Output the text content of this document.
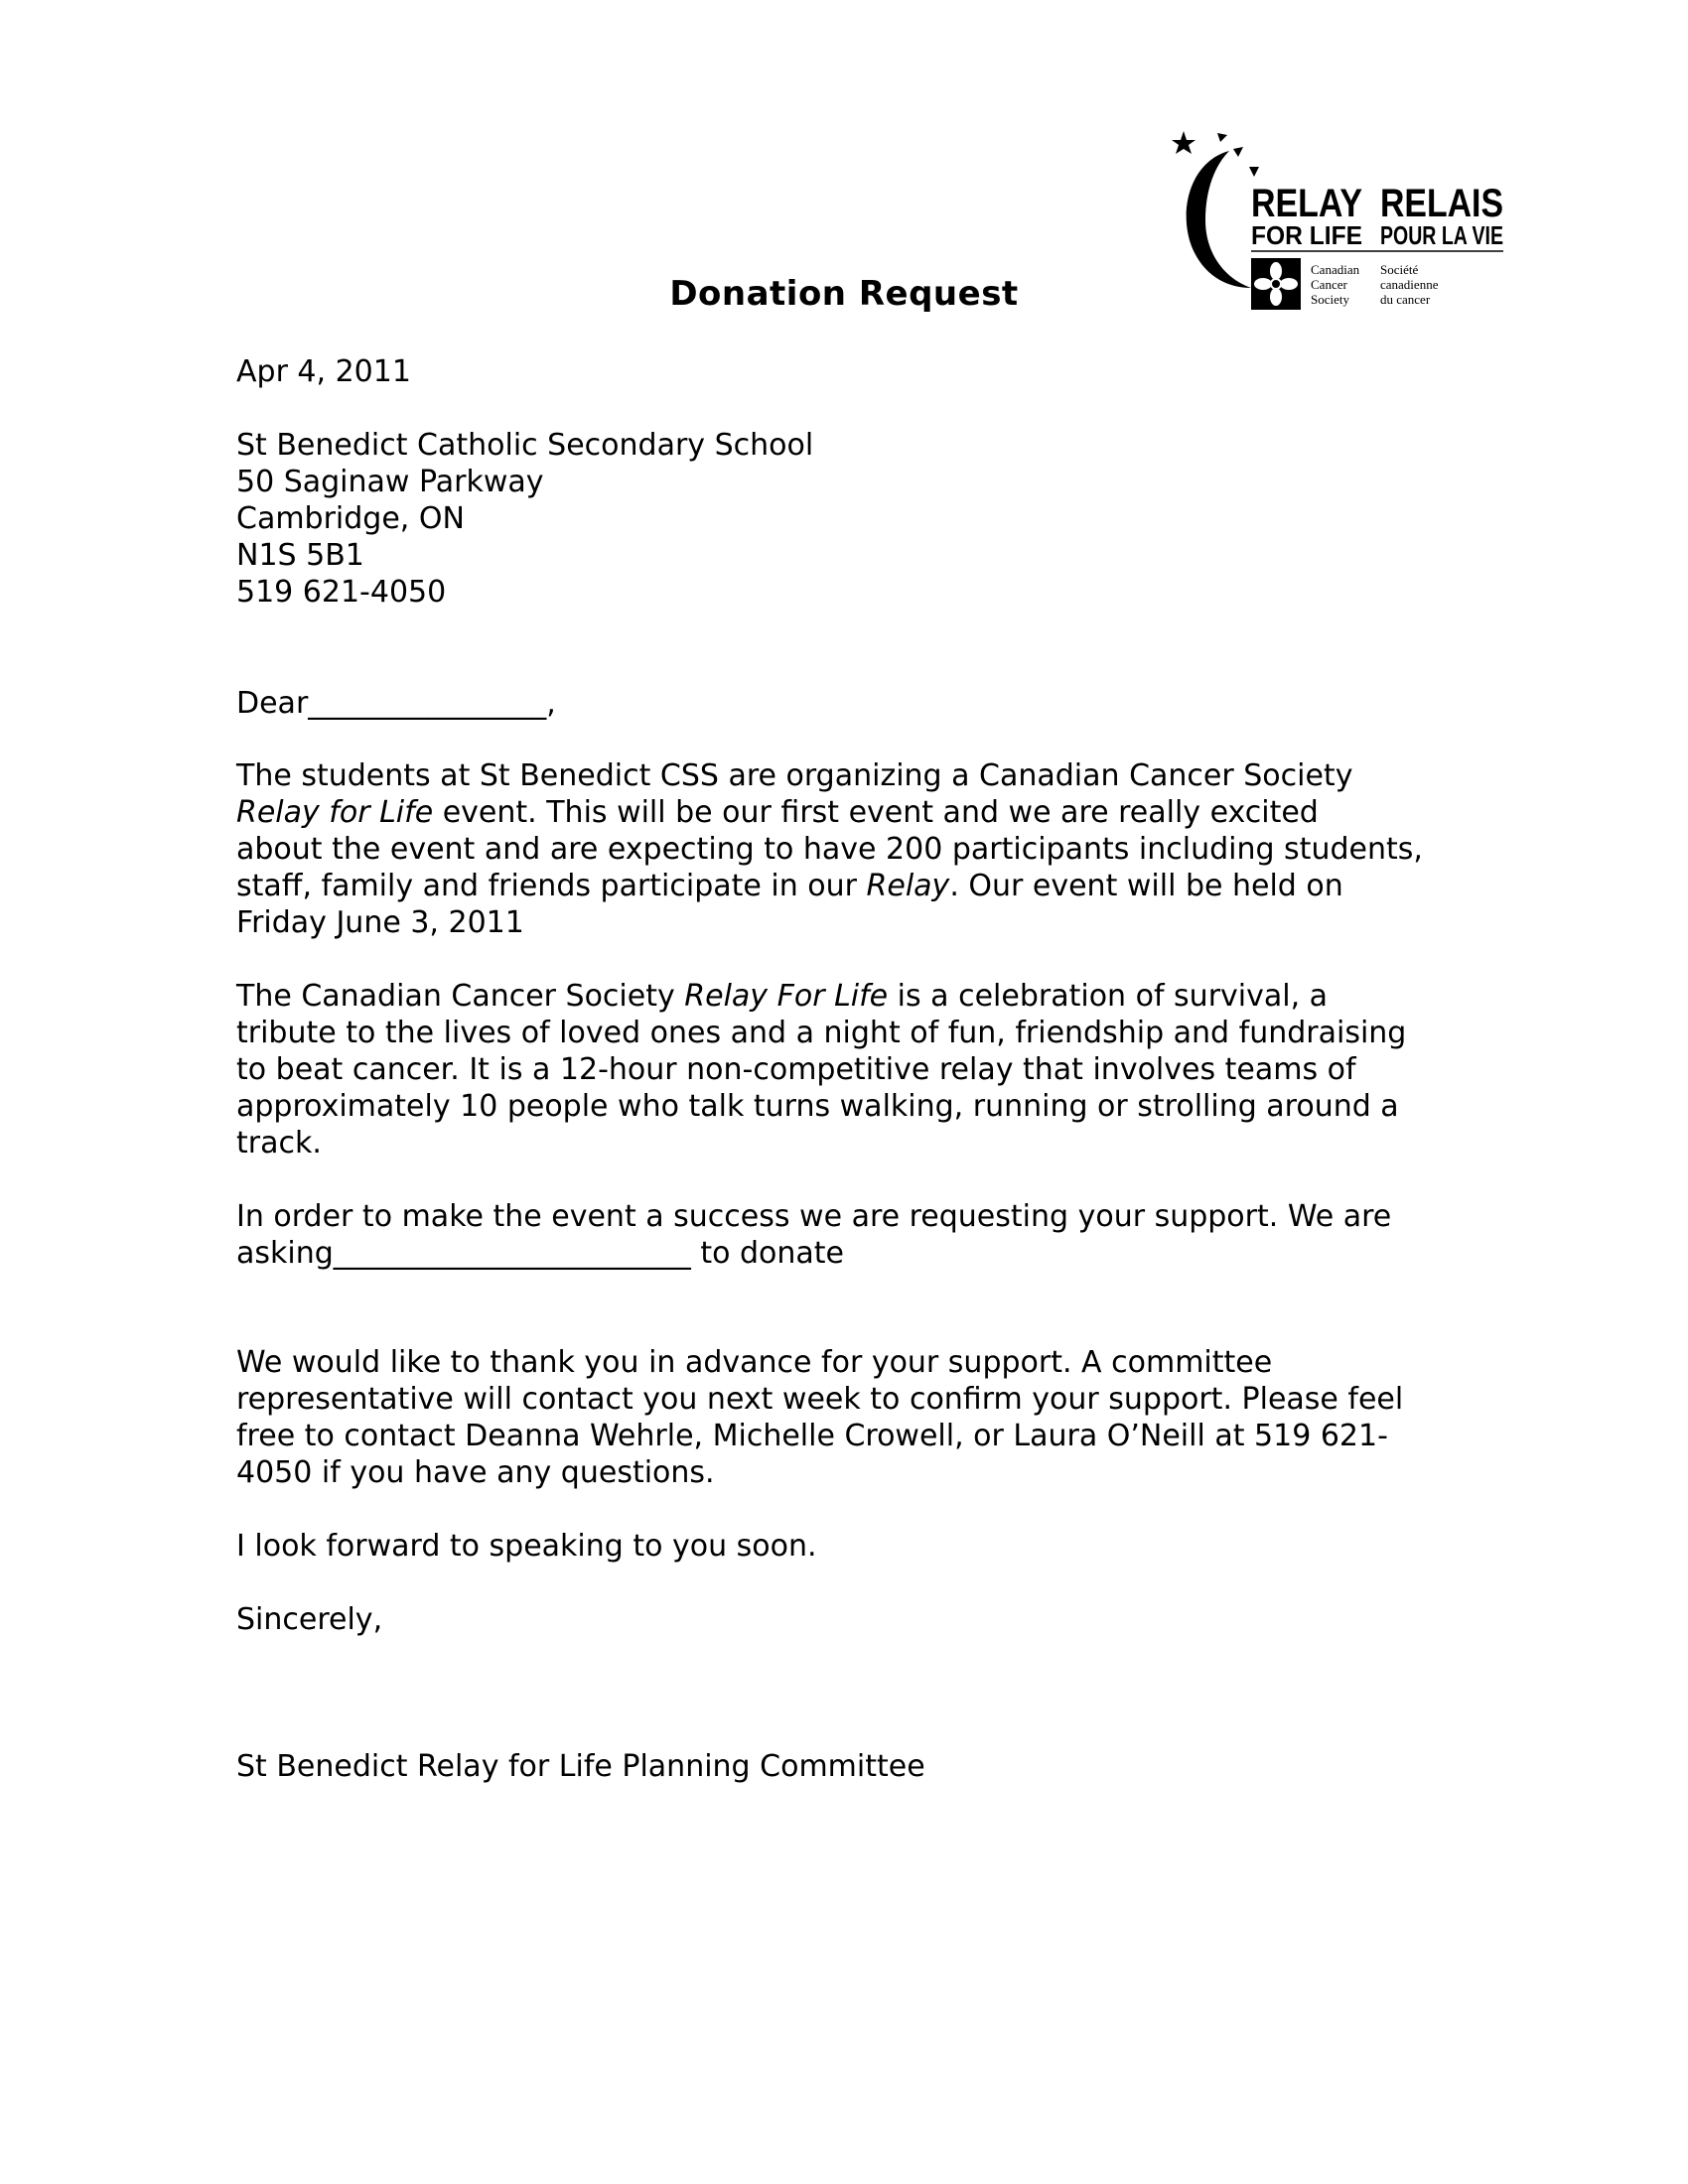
RELAY
FOR LIFE
RELAIS
POUR LA VIE
Canadian
Cancer
Society
Société
canadienne
du cancer
Donation Request
Apr 4, 2011
St Benedict Catholic Secondary School
50 Saginaw Parkway
Cambridge, ON
N1S 5B1
519 621-4050
Dear________________,
The students at St Benedict CSS are organizing a Canadian Cancer Society
Relay for Life event. This will be our first event and we are really excited
about the event and are expecting to have 200 participants including students,
staff, family and friends participate in our Relay. Our event will be held on
Friday June 3, 2011
The Canadian Cancer Society Relay For Life is a celebration of survival, a
tribute to the lives of loved ones and a night of fun, friendship and fundraising
to beat cancer. It is a 12-hour non-competitive relay that involves teams of
approximately 10 people who talk turns walking, running or strolling around a
track.
In order to make the event a success we are requesting your support. We are
asking________________________ to donate
We would like to thank you in advance for your support. A committee
representative will contact you next week to confirm your support. Please feel
free to contact Deanna Wehrle, Michelle Crowell, or Laura O’Neill at 519 621-
4050 if you have any questions.
I look forward to speaking to you soon.
Sincerely,
St Benedict Relay for Life Planning Committee
